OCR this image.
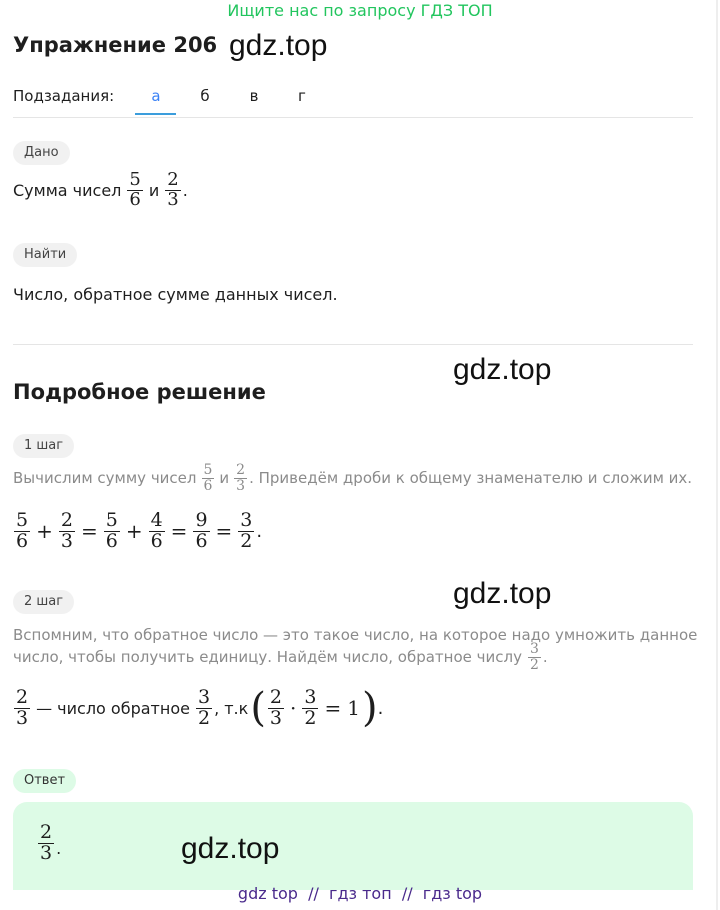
Ищите нас по запросу ГДЗ ТОП
Упражнение 206 gdz.top
Подзадания:	а	б	в	г
Дано
Сумма чисел $\frac{5}{6}$ и $\frac{2}{3}$ .
Найти
Число, обратное сумме данных чисел.
gdz.top
Подробное решение
1 шаг
Вычислим сумму чисел $\frac{5}{6}$ и $\frac{2}{3}$ . Приведём дроби к общему знаменателю и сложим их.
$\frac{5}{6} + \frac{2}{3} = \frac{5}{6} + \frac{4}{6} = \frac{9}{6} = \frac{3}{2}$ .
gdz.top
2 шаг
Вспомним, что обратное число — это такое число, на которое надо умножить данное
число, чтобы получить единицу. Найдём число, обратное числу $\frac{3}{2}$ .
$\frac{2}{3}$ — число обратное $\frac{3}{2}$ , т.к ( $\frac{2}{3} \cdot \frac{3}{2} = 1$ ) .
Ответ
$\frac{2}{3}$ .	gdz.top
gdz top  //  гдз топ  //  гдз top
